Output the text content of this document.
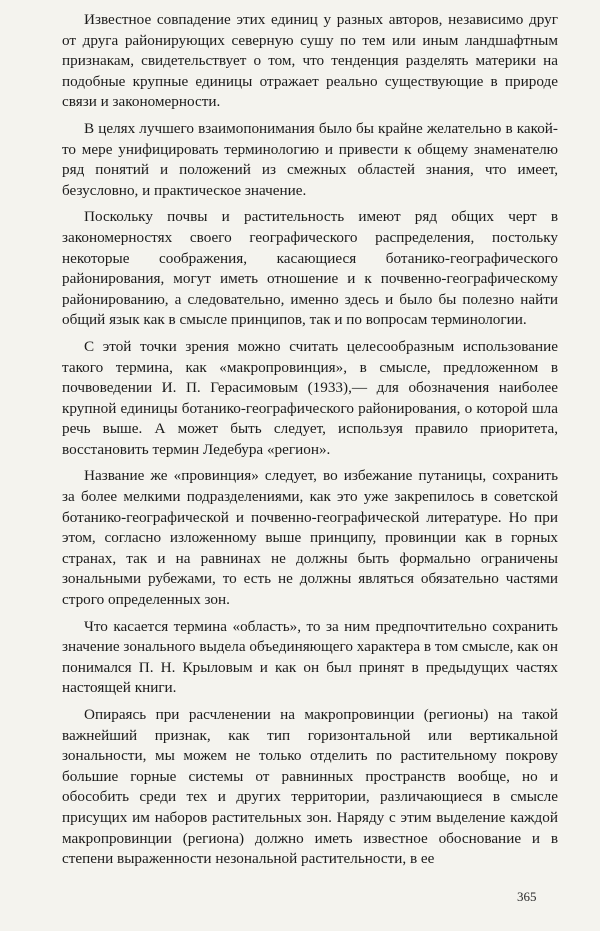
Известное совпадение этих единиц у разных авторов, независимо друг от друга районирующих северную сушу по тем или иным ландшафтным признакам, свидетельствует о том, что тенденция разделять материки на подобные крупные единицы отражает реально существующие в природе связи и закономерности.

В целях лучшего взаимопонимания было бы крайне желательно в какой-то мере унифицировать терминологию и привести к общему знаменателю ряд понятий и положений из смежных областей знания, что имеет, безусловно, и практическое значение.

Поскольку почвы и растительность имеют ряд общих черт в закономерностях своего географического распределения, постольку некоторые соображения, касающиеся ботанико-географического районирования, могут иметь отношение и к почвенно-географическому районированию, а следовательно, именно здесь и было бы полезно найти общий язык как в смысле принципов, так и по вопросам терминологии.

С этой точки зрения можно считать целесообразным использование такого термина, как «макропровинция», в смысле, предложенном в почвоведении И. П. Герасимовым (1933),— для обозначения наиболее крупной единицы ботанико-географического районирования, о которой шла речь выше. А может быть следует, используя правило приоритета, восстановить термин Ледебура «регион».

Название же «провинция» следует, во избежание путаницы, сохранить за более мелкими подразделениями, как это уже закрепилось в советской ботанико-географической и почвенно-географической литературе. Но при этом, согласно изложенному выше принципу, провинции как в горных странах, так и на равнинах не должны быть формально ограничены зональными рубежами, то есть не должны являться обязательно частями строго определенных зон.

Что касается термина «область», то за ним предпочтительно сохранить значение зонального выдела объединяющего характера в том смысле, как он понимался П. Н. Крыловым и как он был принят в предыдущих частях настоящей книги.

Опираясь при расчленении на макропровинции (регионы) на такой важнейший признак, как тип горизонтальной или вертикальной зональности, мы можем не только отделить по растительному покрову большие горные системы от равнинных пространств вообще, но и обособить среди тех и других территории, различающиеся в смысле присущих им наборов растительных зон. Наряду с этим выделение каждой макропровинции (региона) должно иметь известное обоснование и в степени выраженности незональной растительности, в ее

365
